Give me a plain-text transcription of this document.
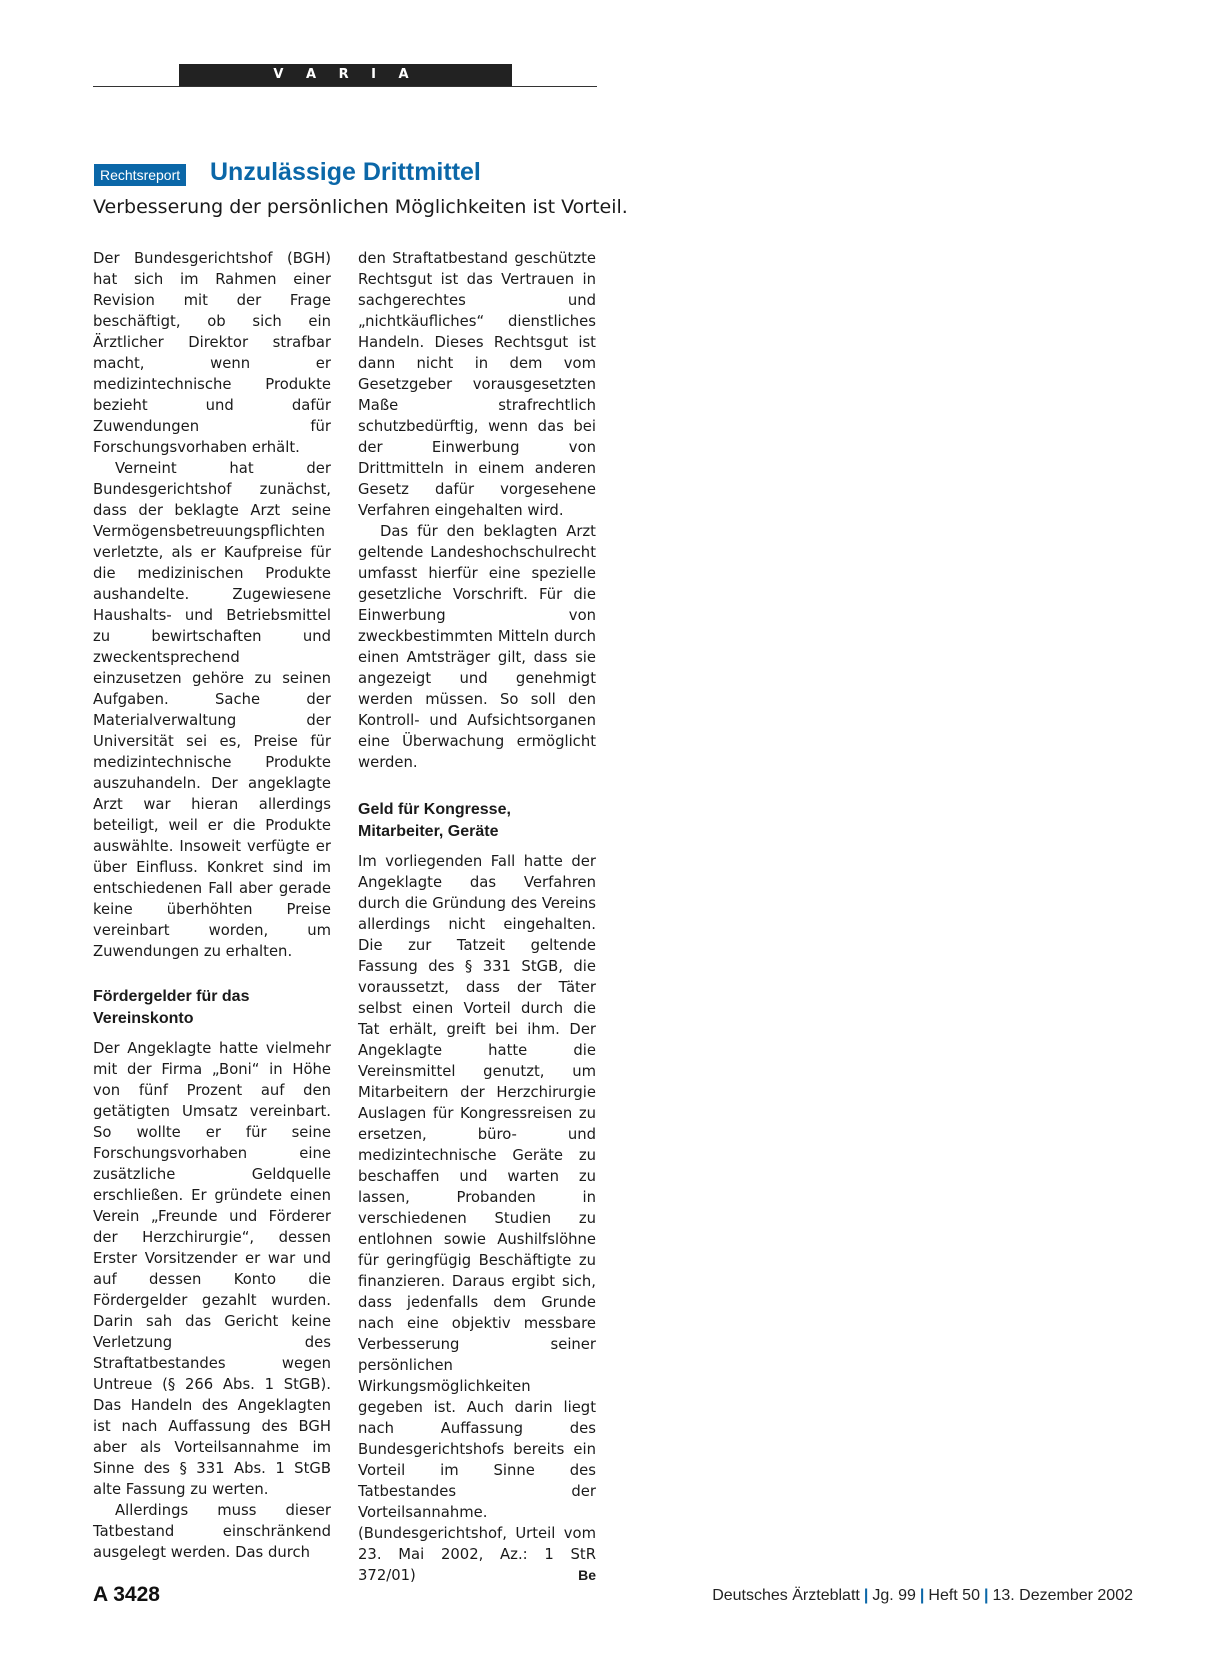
V A R I A
Rechtsreport Unzulässige Drittmittel

Verbesserung der persönlichen Möglichkeiten ist Vorteil.

Der Bundesgerichtshof (BGH) hat sich im Rahmen einer Revision mit der Frage beschäftigt, ob sich ein Ärztlicher Direktor strafbar macht, wenn er medizintechnische Produkte bezieht und dafür Zuwendungen für Forschungsvorhaben erhält.

Verneint hat der Bundesgerichtshof zunächst, dass der beklagte Arzt seine Vermögensbetreuungspflichten verletzte, als er Kaufpreise für die medizinischen Produkte aushandelte. Zugewiesene Haushalts- und Betriebsmittel zu bewirtschaften und zweckentsprechend einzusetzen gehöre zu seinen Aufgaben. Sache der Materialverwaltung der Universität sei es, Preise für medizintechnische Produkte auszuhandeln. Der angeklagte Arzt war hieran allerdings beteiligt, weil er die Produkte auswählte. Insoweit verfügte er über Einfluss. Konkret sind im entschiedenen Fall aber gerade keine überhöhten Preise vereinbart worden, um Zuwendungen zu erhalten.

Fördergelder für das Vereinskonto

Der Angeklagte hatte vielmehr mit der Firma „Boni“ in Höhe von fünf Prozent auf den getätigten Umsatz vereinbart. So wollte er für seine Forschungsvorhaben eine zusätzliche Geldquelle erschließen. Er gründete einen Verein „Freunde und Förderer der Herzchirurgie“, dessen Erster Vorsitzender er war und auf dessen Konto die Fördergelder gezahlt wurden. Darin sah das Gericht keine Verletzung des Straftatbestandes wegen Untreue (§ 266 Abs. 1 StGB). Das Handeln des Angeklagten ist nach Auffassung des BGH aber als Vorteilsannahme im Sinne des § 331 Abs. 1 StGB alte Fassung zu werten.

Allerdings muss dieser Tatbestand einschränkend ausgelegt werden. Das durch

den Straftatbestand geschützte Rechtsgut ist das Vertrauen in sachgerechtes und „nichtkäufliches“ dienstliches Handeln. Dieses Rechtsgut ist dann nicht in dem vom Gesetzgeber vorausgesetzten Maße strafrechtlich schutzbedürftig, wenn das bei der Einwerbung von Drittmitteln in einem anderen Gesetz dafür vorgesehene Verfahren eingehalten wird.

Das für den beklagten Arzt geltende Landeshochschulrecht umfasst hierfür eine spezielle gesetzliche Vorschrift. Für die Einwerbung von zweckbestimmten Mitteln durch einen Amtsträger gilt, dass sie angezeigt und genehmigt werden müssen. So soll den Kontroll- und Aufsichtsorganen eine Überwachung ermöglicht werden.

Geld für Kongresse, Mitarbeiter, Geräte

Im vorliegenden Fall hatte der Angeklagte das Verfahren durch die Gründung des Vereins allerdings nicht eingehalten. Die zur Tatzeit geltende Fassung des § 331 StGB, die voraussetzt, dass der Täter selbst einen Vorteil durch die Tat erhält, greift bei ihm. Der Angeklagte hatte die Vereinsmittel genutzt, um Mitarbeitern der Herzchirurgie Auslagen für Kongressreisen zu ersetzen, büro- und medizintechnische Geräte zu beschaffen und warten zu lassen, Probanden in verschiedenen Studien zu entlohnen sowie Aushilfslöhne für geringfügig Beschäftigte zu finanzieren. Daraus ergibt sich, dass jedenfalls dem Grunde nach eine objektiv messbare Verbesserung seiner persönlichen Wirkungsmöglichkeiten gegeben ist. Auch darin liegt nach Auffassung des Bundesgerichtshofs bereits ein Vorteil im Sinne des Tatbestandes der Vorteilsannahme. (Bundesgerichtshof, Urteil vom 23. Mai 2002, Az.: 1 StR 372/01)	Be

A 3428	Deutsches Ärzteblatt | Jg. 99 | Heft 50 | 13. Dezember 2002
